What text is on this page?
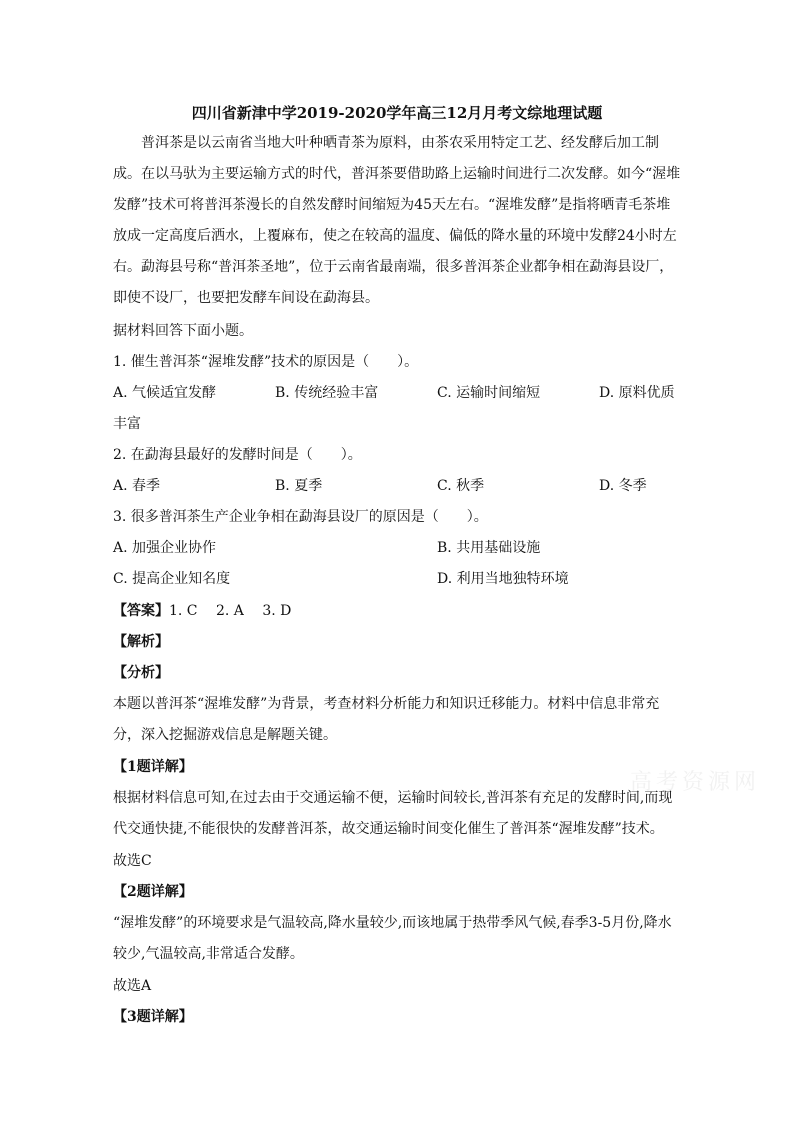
四川省新津中学2019-2020学年高三12月月考文综地理试题
　　普洱茶是以云南省当地大叶种晒青茶为原料，由茶农采用特定工艺、经发酵后加工制成。在以马驮为主要运输方式的时代，普洱茶要借助路上运输时间进行二次发酵。如今“渥堆发酵”技术可将普洱茶漫长的自然发酵时间缩短为45天左右。“渥堆发酵”是指将晒青毛茶堆放成一定高度后洒水，上覆麻布，使之在较高的温度、偏低的降水量的环境中发酵24小时左右。勐海县号称“普洱茶圣地”，位于云南省最南端，很多普洱茶企业都争相在勐海县设厂，即使不设厂，也要把发酵车间设在勐海县。
据材料回答下面小题。
1. 催生普洱茶“渥堆发酵”技术的原因是（　　）。
A. 气候适宜发酵	B. 传统经验丰富	C. 运输时间缩短	D. 原料优质
丰富
2. 在勐海县最好的发酵时间是（　　）。
A. 春季	B. 夏季	C. 秋季	D. 冬季
3. 很多普洱茶生产企业争相在勐海县设厂的原因是（　　）。
A. 加强企业协作	B. 共用基础设施
C. 提高企业知名度	D. 利用当地独特环境
【答案】1. C　 2. A　 3. D
【解析】
【分析】
本题以普洱茶“渥堆发酵”为背景，考查材料分析能力和知识迁移能力。材料中信息非常充分，深入挖掘游戏信息是解题关键。
【1题详解】
根据材料信息可知,在过去由于交通运输不便，运输时间较长,普洱茶有充足的发酵时间,而现代交通快捷,不能很快的发酵普洱茶，故交通运输时间变化催生了普洱茶“渥堆发酵”技术。
故选C
【2题详解】
“渥堆发酵”的环境要求是气温较高,降水量较少,而该地属于热带季风气候,春季3-5月份,降水较少,气温较高,非常适合发酵。
故选A
【3题详解】
高考资源网
